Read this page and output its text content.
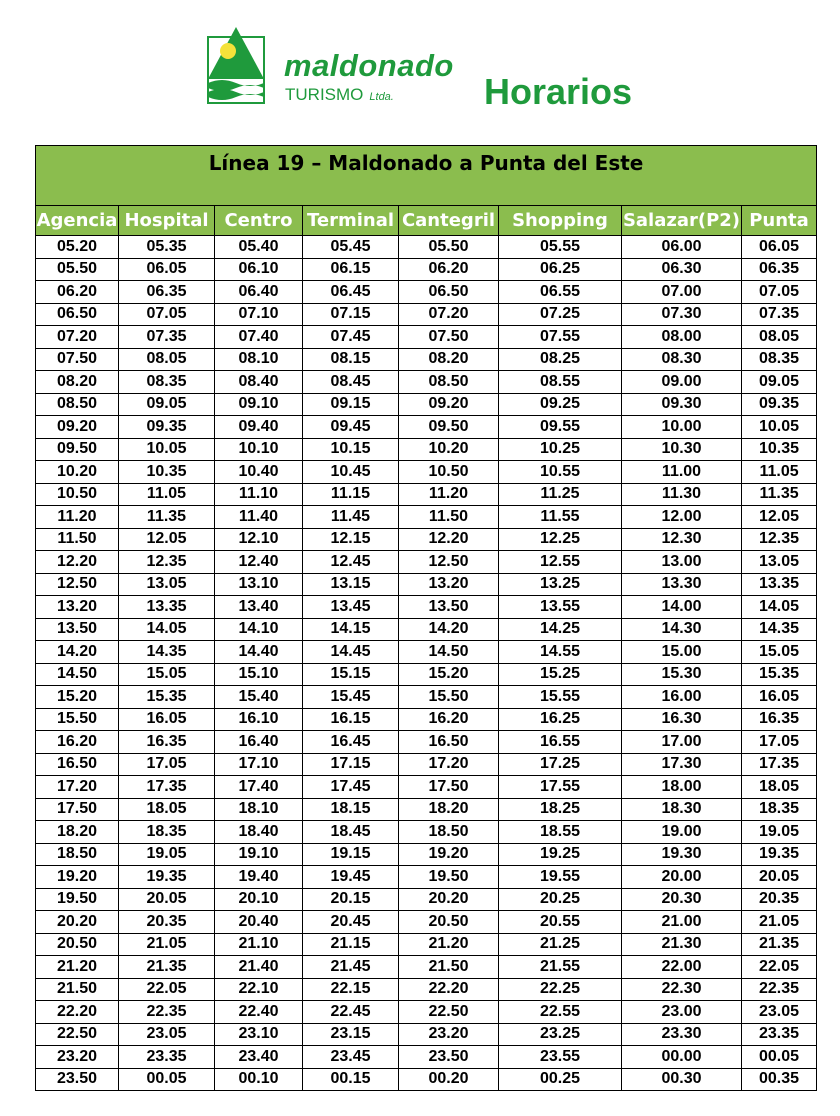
maldonado
TURISMO Ltda.	Horarios
Línea 19 – Maldonado a Punta del Este							
Agencia	Hospital	Centro	Terminal	Cantegril	Shopping	Salazar(P2)	Punta
05.20	05.35	05.40	05.45	05.50	05.55	06.00	06.05
05.50	06.05	06.10	06.15	06.20	06.25	06.30	06.35
06.20	06.35	06.40	06.45	06.50	06.55	07.00	07.05
06.50	07.05	07.10	07.15	07.20	07.25	07.30	07.35
07.20	07.35	07.40	07.45	07.50	07.55	08.00	08.05
07.50	08.05	08.10	08.15	08.20	08.25	08.30	08.35
08.20	08.35	08.40	08.45	08.50	08.55	09.00	09.05
08.50	09.05	09.10	09.15	09.20	09.25	09.30	09.35
09.20	09.35	09.40	09.45	09.50	09.55	10.00	10.05
09.50	10.05	10.10	10.15	10.20	10.25	10.30	10.35
10.20	10.35	10.40	10.45	10.50	10.55	11.00	11.05
10.50	11.05	11.10	11.15	11.20	11.25	11.30	11.35
11.20	11.35	11.40	11.45	11.50	11.55	12.00	12.05
11.50	12.05	12.10	12.15	12.20	12.25	12.30	12.35
12.20	12.35	12.40	12.45	12.50	12.55	13.00	13.05
12.50	13.05	13.10	13.15	13.20	13.25	13.30	13.35
13.20	13.35	13.40	13.45	13.50	13.55	14.00	14.05
13.50	14.05	14.10	14.15	14.20	14.25	14.30	14.35
14.20	14.35	14.40	14.45	14.50	14.55	15.00	15.05
14.50	15.05	15.10	15.15	15.20	15.25	15.30	15.35
15.20	15.35	15.40	15.45	15.50	15.55	16.00	16.05
15.50	16.05	16.10	16.15	16.20	16.25	16.30	16.35
16.20	16.35	16.40	16.45	16.50	16.55	17.00	17.05
16.50	17.05	17.10	17.15	17.20	17.25	17.30	17.35
17.20	17.35	17.40	17.45	17.50	17.55	18.00	18.05
17.50	18.05	18.10	18.15	18.20	18.25	18.30	18.35
18.20	18.35	18.40	18.45	18.50	18.55	19.00	19.05
18.50	19.05	19.10	19.15	19.20	19.25	19.30	19.35
19.20	19.35	19.40	19.45	19.50	19.55	20.00	20.05
19.50	20.05	20.10	20.15	20.20	20.25	20.30	20.35
20.20	20.35	20.40	20.45	20.50	20.55	21.00	21.05
20.50	21.05	21.10	21.15	21.20	21.25	21.30	21.35
21.20	21.35	21.40	21.45	21.50	21.55	22.00	22.05
21.50	22.05	22.10	22.15	22.20	22.25	22.30	22.35
22.20	22.35	22.40	22.45	22.50	22.55	23.00	23.05
22.50	23.05	23.10	23.15	23.20	23.25	23.30	23.35
23.20	23.35	23.40	23.45	23.50	23.55	00.00	00.05
23.50	00.05	00.10	00.15	00.20	00.25	00.30	00.35
